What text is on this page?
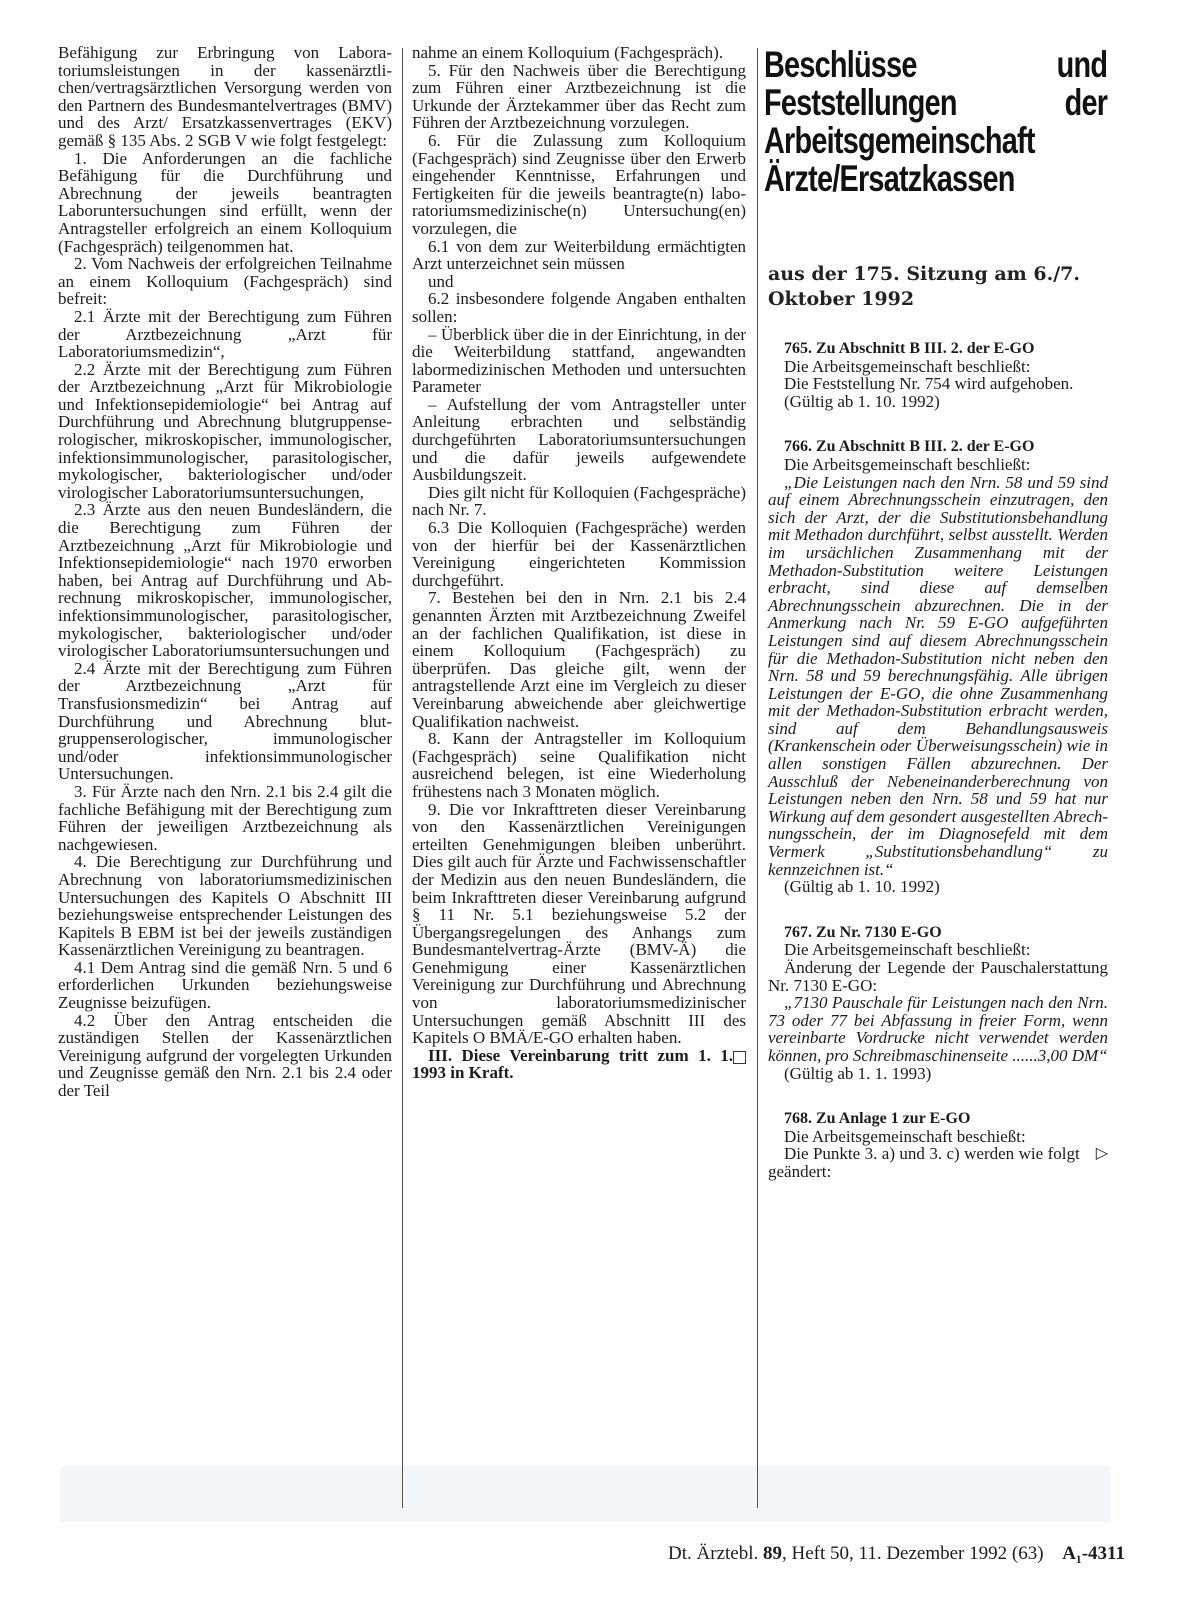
Befähigung zur Erbringung von Laboratoriumsleistungen in der kassenärztlichen/vertragsärztlichen Versorgung werden von den Partnern des Bundesmantelvertrages (BMV) und des Arzt/ Ersatzkassenvertrages (EKV) gemäß § 135 Abs. 2 SGB V wie folgt festgelegt:

1. Die Anforderungen an die fachliche Befähigung für die Durchführung und Abrechnung der jeweils beantragten Laboruntersuchungen sind erfüllt, wenn der Antragsteller erfolgreich an einem Kolloquium (Fachgespräch) teilgenommen hat.

2. Vom Nachweis der erfolgreichen Teilnahme an einem Kolloquium (Fachgespräch) sind befreit:

2.1 Ärzte mit der Berechtigung zum Führen der Arztbezeichnung „Arzt für Laboratoriumsmedizin“,

2.2 Ärzte mit der Berechtigung zum Führen der Arztbezeichnung „Arzt für Mikrobiologie und Infektionsepidemiologie“ bei Antrag auf Durchführung und Abrechnung blutgruppenserologischer, mikroskopischer, immunologischer, infektionsimmunologischer, parasitologischer, mykologischer, bakteriologischer und/oder virologischer Laboratoriumsuntersuchungen,

2.3 Ärzte aus den neuen Bundesländern, die die Berechtigung zum Führen der Arztbezeichnung „Arzt für Mikrobiologie und Infektionsepidemiologie“ nach 1970 erworben haben, bei Antrag auf Durchführung und Abrechnung mikroskopischer, immunologischer, infektionsimmunologischer, parasitologischer, mykologischer, bakteriologischer und/oder virologischer Laboratoriumsuntersuchungen und

2.4 Ärzte mit der Berechtigung zum Führen der Arztbezeichnung „Arzt für Transfusionsmedizin“ bei Antrag auf Durchführung und Abrechnung blutgruppenserologischer, immunologischer und/oder infektionsimmunologischer Untersuchungen.

3. Für Ärzte nach den Nrn. 2.1 bis 2.4 gilt die fachliche Befähigung mit der Berechtigung zum Führen der jeweiligen Arztbezeichnung als nachgewiesen.

4. Die Berechtigung zur Durchführung und Abrechnung von laboratoriumsmedizinischen Untersuchungen des Kapitels O Abschnitt III beziehungsweise entsprechender Leistungen des Kapitels B EBM ist bei der jeweils zuständigen Kassenärztlichen Vereinigung zu beantragen.

4.1 Dem Antrag sind die gemäß Nrn. 5 und 6 erforderlichen Urkunden beziehungsweise Zeugnisse beizufügen.

4.2 Über den Antrag entscheiden die zuständigen Stellen der Kassenärztlichen Vereinigung aufgrund der vorgelegten Urkunden und Zeugnisse gemäß den Nrn. 2.1 bis 2.4 oder der Teil

nahme an einem Kolloquium (Fachgespräch).

5. Für den Nachweis über die Berechtigung zum Führen einer Arztbezeichnung ist die Urkunde der Ärztekammer über das Recht zum Führen der Arztbezeichnung vorzulegen.

6. Für die Zulassung zum Kolloquium (Fachgespräch) sind Zeugnisse über den Erwerb eingehender Kenntnisse, Erfahrungen und Fertigkeiten für die jeweils beantragte(n) laboratoriumsmedizinische(n) Untersuchung(en) vorzulegen, die

6.1 von dem zur Weiterbildung ermächtigten Arzt unterzeichnet sein müssen

und

6.2 insbesondere folgende Angaben enthalten sollen:

– Überblick über die in der Einrichtung, in der die Weiterbildung stattfand, angewandten labormedizinischen Methoden und untersuchten Parameter

– Aufstellung der vom Antragsteller unter Anleitung erbrachten und selbständig durchgeführten Laboratoriumsuntersuchungen und die dafür jeweils aufgewendete Ausbildungszeit.

Dies gilt nicht für Kolloquien (Fachgespräche) nach Nr. 7.

6.3 Die Kolloquien (Fachgespräche) werden von der hierfür bei der Kassenärztlichen Vereinigung eingerichteten Kommission durchgeführt.

7. Bestehen bei den in Nrn. 2.1 bis 2.4 genannten Ärzten mit Arztbezeichnung Zweifel an der fachlichen Qualifikation, ist diese in einem Kolloquium (Fachgespräch) zu überprüfen. Das gleiche gilt, wenn der antragstellende Arzt eine im Vergleich zu dieser Vereinbarung abweichende aber gleichwertige Qualifikation nachweist.

8. Kann der Antragsteller im Kolloquium (Fachgespräch) seine Qualifikation nicht ausreichend belegen, ist eine Wiederholung frühestens nach 3 Monaten möglich.

9. Die vor Inkrafttreten dieser Vereinbarung von den Kassenärztlichen Vereinigungen erteilten Genehmigungen bleiben unberührt. Dies gilt auch für Ärzte und Fachwissenschaftler der Medizin aus den neuen Bundesländern, die beim Inkrafttreten dieser Vereinbarung aufgrund § 11 Nr. 5.1 beziehungsweise 5.2 der Übergangsregelungen des Anhangs zum Bundesmantelvertrag-Ärzte (BMV-Ä) die Genehmigung einer Kassenärztlichen Vereinigung zur Durchführung und Abrechnung von laboratoriumsmedizinischer Untersuchungen gemäß Abschnitt III des Kapitels O BMÄ/E-GO erhalten haben.

III. Diese Vereinbarung tritt zum 1. 1. 1993 in Kraft.

Beschlüsse und Feststellungen der Arbeitsgemeinschaft Ärzte/Ersatzkassen
aus der 175. Sitzung am 6./7. Oktober 1992

765. Zu Abschnitt B III. 2. der E-GO

Die Arbeitsgemeinschaft beschließt:

Die Feststellung Nr. 754 wird aufgehoben.

(Gültig ab 1. 10. 1992)

766. Zu Abschnitt B III. 2. der E-GO

Die Arbeitsgemeinschaft beschließt:

„Die Leistungen nach den Nrn. 58 und 59 sind auf einem Abrechnungsschein einzutragen, den sich der Arzt, der die Substitutionsbehandlung mit Methadon durchführt, selbst ausstellt. Werden im ursächlichen Zusammenhang mit der Methadon-Substitution weitere Leistungen erbracht, sind diese auf demselben Abrechnungsschein abzurechnen. Die in der Anmerkung nach Nr. 59 E-GO aufgeführten Leistungen sind auf diesem Abrechnungsschein für die Methadon-Substitution nicht neben den Nrn. 58 und 59 berechnungsfähig. Alle übrigen Leistungen der E-GO, die ohne Zusammenhang mit der Methadon-Substitution erbracht werden, sind auf dem Behandlungsausweis (Krankenschein oder Überweisungsschein) wie in allen sonstigen Fällen abzurechnen. Der Ausschluß der Nebeneinanderberechnung von Leistungen neben den Nrn. 58 und 59 hat nur Wirkung auf dem gesondert ausgestellten Abrechnungsschein, der im Diagnosefeld mit dem Vermerk „Substitutionsbehandlung“ zu kennzeichnen ist.“

(Gültig ab 1. 10. 1992)

767. Zu Nr. 7130 E-GO

Die Arbeitsgemeinschaft beschließt:

Änderung der Legende der Pauschalerstattung Nr. 7130 E-GO:

„7130 Pauschale für Leistungen nach den Nrn. 73 oder 77 bei Abfassung in freier Form, wenn vereinbarte Vordrucke nicht verwendet werden können, pro Schreibmaschinenseite ......3,00 DM“

(Gültig ab 1. 1. 1993)

768. Zu Anlage 1 zur E-GO

Die Arbeitsgemeinschaft beschießt:

▷
Die Punkte 3. a) und 3. c) werden wie folgt geändert:

Dt. Ärztebl. 89, Heft 50, 11. Dezember 1992 (63) A₁-4311
